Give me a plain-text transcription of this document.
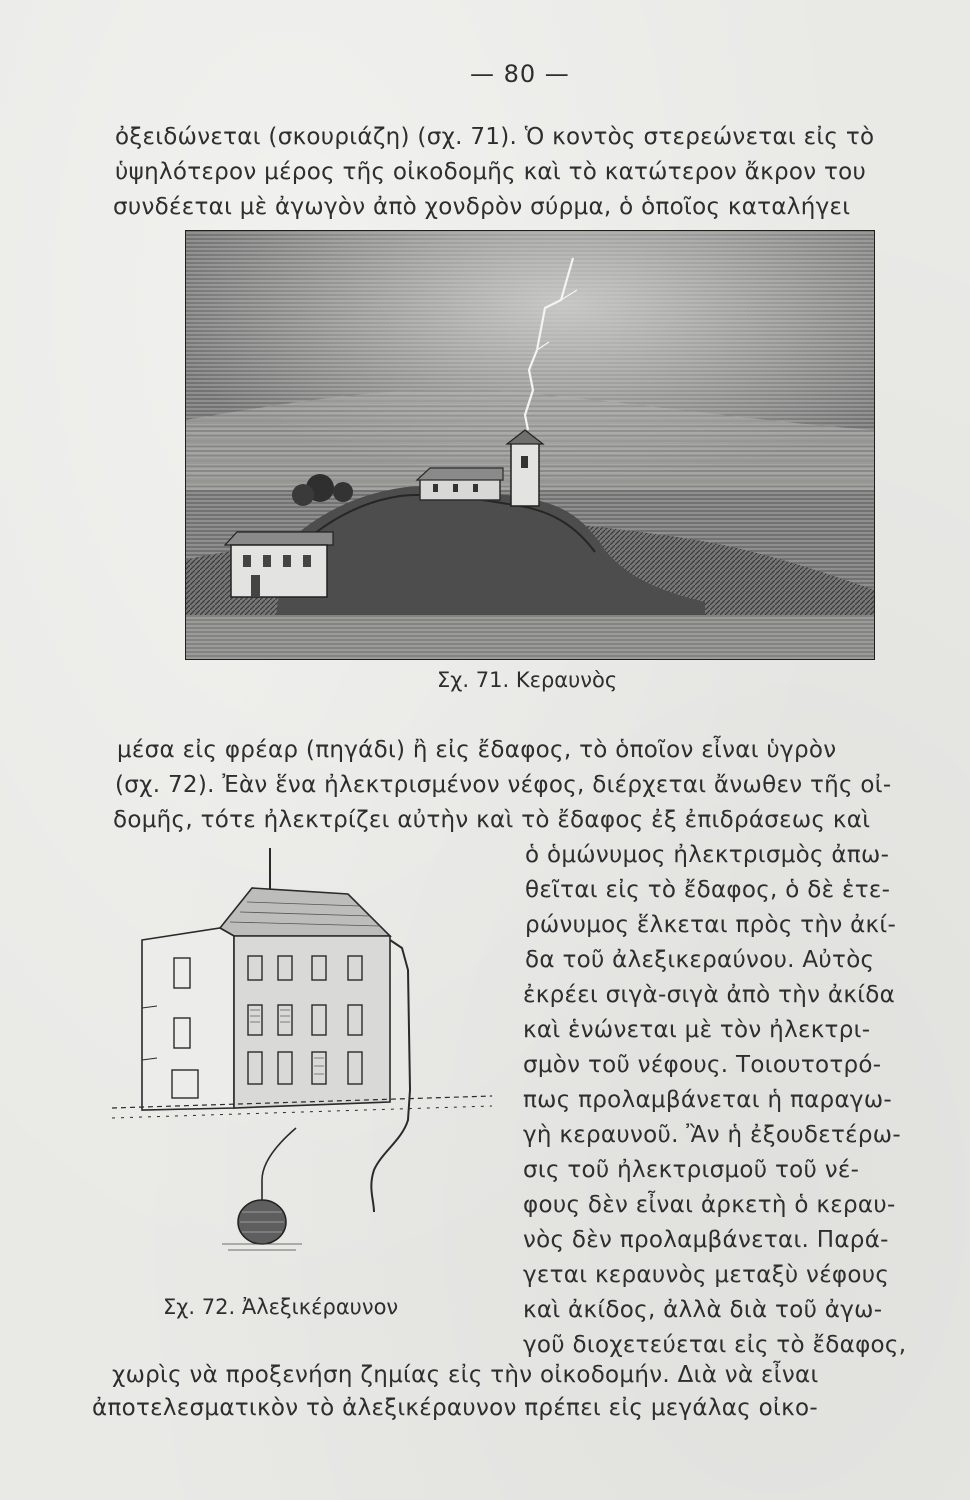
— 80 —
ὀξειδώνεται (σκουριάζη) (σχ. 71). Ὁ κοντὸς στερεώνεται εἰς τὸ
ὑψηλότερον μέρος τῆς οἰκοδομῆς καὶ τὸ κατώτερον ἄκρον του
συνδέεται μὲ ἀγωγὸν ἀπὸ χονδρὸν σύρμα, ὁ ὁποῖος καταλήγει
Σχ. 71. Κεραυνὸς
μέσα εἰς φρέαρ (πηγάδι) ἢ εἰς ἔδαφος, τὸ ὁποῖον εἶναι ὑγρὸν
(σχ. 72). Ἐὰν ἕνα ἠλεκτρισμένον νέφος, διέρχεται ἄνωθεν τῆς οἰ-
δομῆς, τότε ἠλεκτρίζει αὐτὴν καὶ τὸ ἔδαφος ἐξ ἐπιδράσεως καὶ
Σχ. 72. Ἀλεξικέραυνον
ὁ ὁμώνυμος ἠλεκτρισμὸς ἀπω-
θεῖται εἰς τὸ ἔδαφος, ὁ δὲ ἑτε-
ρώνυμος ἕλκεται πρὸς τὴν ἀκί-
δα τοῦ ἀλεξικεραύνου. Αὐτὸς
ἐκρέει σιγὰ-σιγὰ ἀπὸ τὴν ἀκίδα
καὶ ἑνώνεται μὲ τὸν ἠλεκτρι-
σμὸν τοῦ νέφους. Τοιουτοτρό-
πως προλαμβάνεται ἡ παραγω-
γὴ κεραυνοῦ. Ἂν ἡ ἐξουδετέρω-
σις τοῦ ἠλεκτρισμοῦ τοῦ νέ-
φους δὲν εἶναι ἀρκετὴ ὁ κεραυ-
νὸς δὲν προλαμβάνεται. Παρά-
γεται κεραυνὸς μεταξὺ νέφους
καὶ ἀκίδος, ἀλλὰ διὰ τοῦ ἀγω-
γοῦ διοχετεύεται εἰς τὸ ἔδαφος,
χωρὶς νὰ προξενήση ζημίας εἰς τὴν οἰκοδομήν. Διὰ νὰ εἶναι
ἀποτελεσματικὸν τὸ ἀλεξικέραυνον πρέπει εἰς μεγάλας οἰκο-
